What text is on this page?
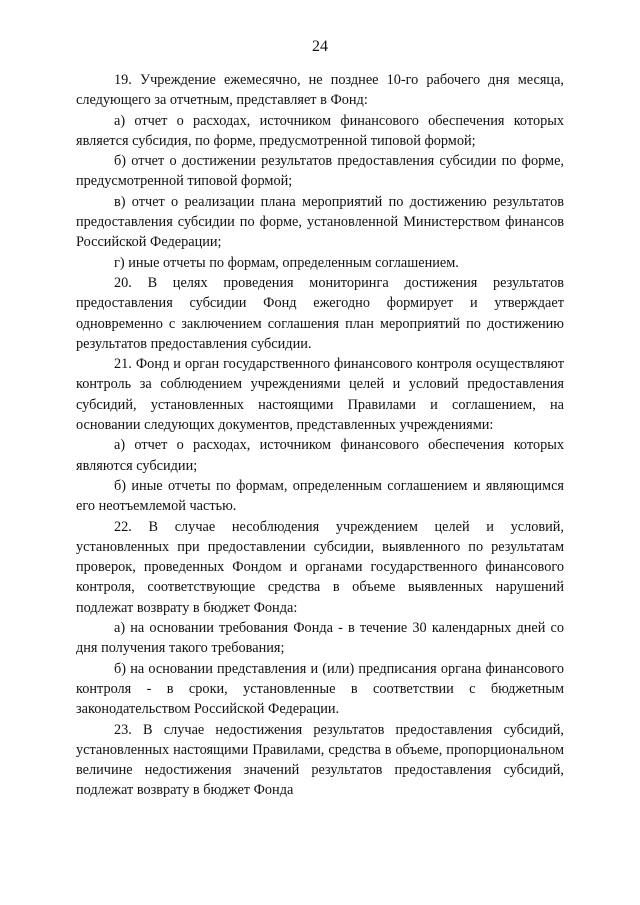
24

19. Учреждение ежемесячно, не позднее 10-го рабочего дня месяца, следующего за отчетным, представляет в Фонд:

а) отчет о расходах, источником финансового обеспечения которых является субсидия, по форме, предусмотренной типовой формой;

б) отчет о достижении результатов предоставления субсидии по форме, предусмотренной типовой формой;

в) отчет о реализации плана мероприятий по достижению результатов предоставления субсидии по форме, установленной Министерством финансов Российской Федерации;

г) иные отчеты по формам, определенным соглашением.

20. В целях проведения мониторинга достижения результатов предоставления субсидии Фонд ежегодно формирует и утверждает одновременно с заключением соглашения план мероприятий по достижению результатов предоставления субсидии.

21. Фонд и орган государственного финансового контроля осуществляют контроль за соблюдением учреждениями целей и условий предоставления субсидий, установленных настоящими Правилами и соглашением, на основании следующих документов, представленных учреждениями:

а) отчет о расходах, источником финансового обеспечения которых являются субсидии;

б) иные отчеты по формам, определенным соглашением и являющимся его неотъемлемой частью.

22. В случае несоблюдения учреждением целей и условий, установленных при предоставлении субсидии, выявленного по результатам проверок, проведенных Фондом и органами государственного финансового контроля, соответствующие средства в объеме выявленных нарушений подлежат возврату в бюджет Фонда:

а) на основании требования Фонда - в течение 30 календарных дней со дня получения такого требования;

б) на основании представления и (или) предписания органа финансового контроля - в сроки, установленные в соответствии с бюджетным законодательством Российской Федерации.

23. В случае недостижения результатов предоставления субсидий, установленных настоящими Правилами, средства в объеме, пропорциональном величине недостижения значений результатов предоставления субсидий, подлежат возврату в бюджет Фонда
